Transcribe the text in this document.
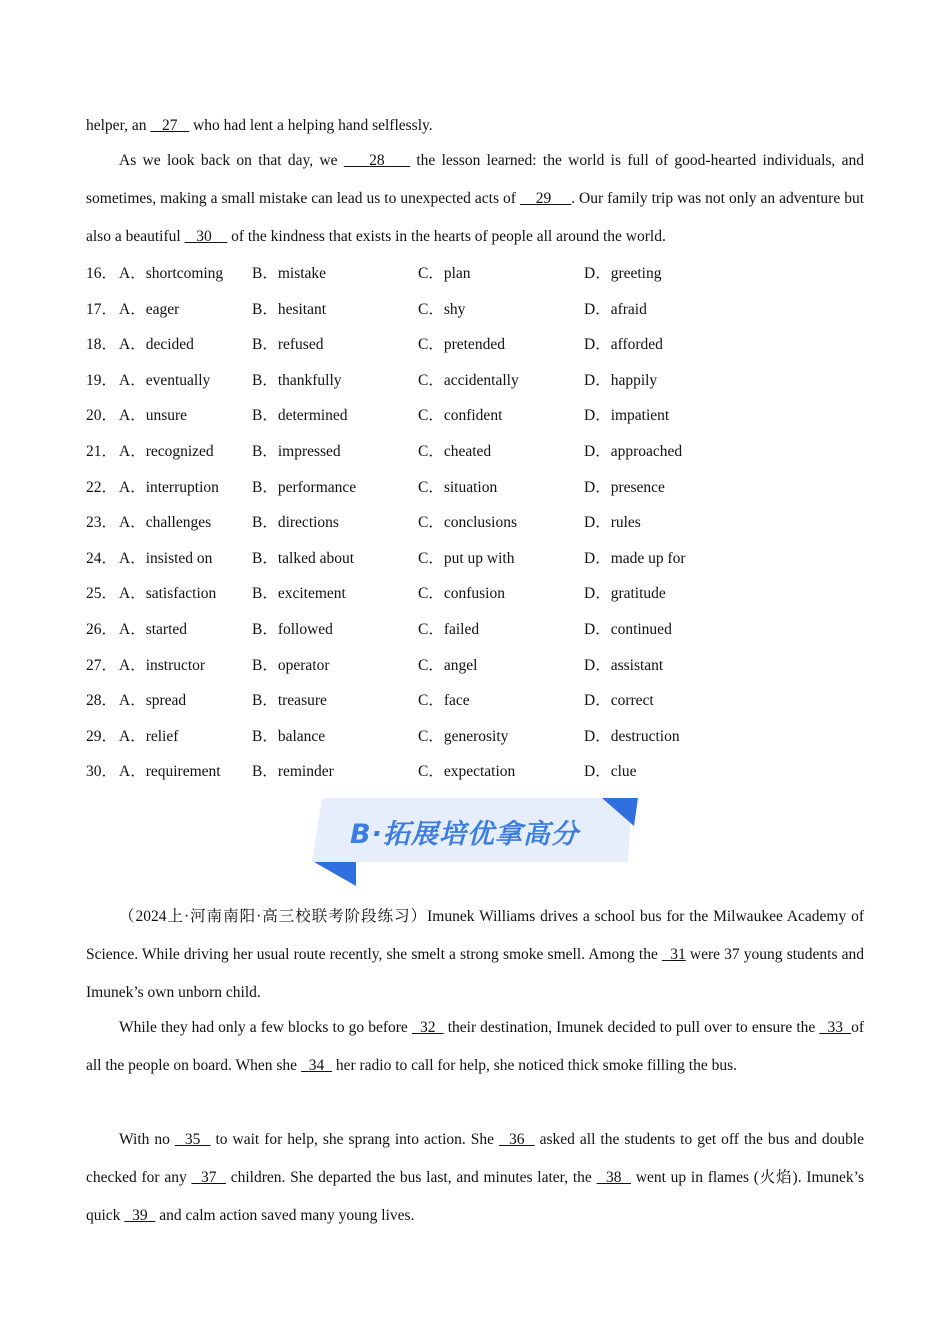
helper, an    27    who had lent a helping hand selflessly.

As we look back on that day, we     28     the lesson learned: the world is full of good-hearted individuals, and sometimes, making a small mistake can lead us to unexpected acts of     29 . Our family trip was not only an adventure but also a beautiful    30     of the kindness that exists in the hearts of people all around the world.

16． A．shortcoming B．mistake	C．plan	D．greeting
17． A．eager	B．hesitant	C．shy	D．afraid
18． A．decided	B．refused	C．pretended	D．afforded
19． A．eventually	B．thankfully	C．accidentally	D．happily
20． A．unsure	B．determined	C．confident	D．impatient
21． A．recognized B．impressed	C．cheated	D．approached
22． A．interruption B．performance	C．situation	D．presence
23． A．challenges	B．directions	C．conclusions	D．rules
24． A．insisted on	B．talked about	C．put up with	D．made up for
25． A．satisfaction B．excitement	C．confusion	D．gratitude
26． A．started	B．followed	C．failed	D．continued
27． A．instructor	B．operator	C．angel	D．assistant
28． A．spread	B．treasure	C．face	D．correct
29． A．relief	B．balance	C．generosity	D．destruction
30． A．requirement B．reminder	C．expectation	D．clue
B·拓展培优拿高分

（2024上·河南南阳·高三校联考阶段练习）Imunek Williams drives a school bus for the Milwaukee Academy of Science. While driving her usual route recently, she smelt a strong smoke smell. Among the   31 were 37 young students and Imunek’s own unborn child.

While they had only a few blocks to go before   32   their destination, Imunek decided to pull over to ensure the   33 of all the people on board. When she   34   her radio to call for help, she noticed thick smoke filling the bus.

With no   35   to wait for help, she sprang into action. She   36   asked all the students to get off the bus and double checked for any   37   children. She departed the bus last, and minutes later, the   38   went up in flames (火焰). Imunek’s quick   39   and calm action saved many young lives.
